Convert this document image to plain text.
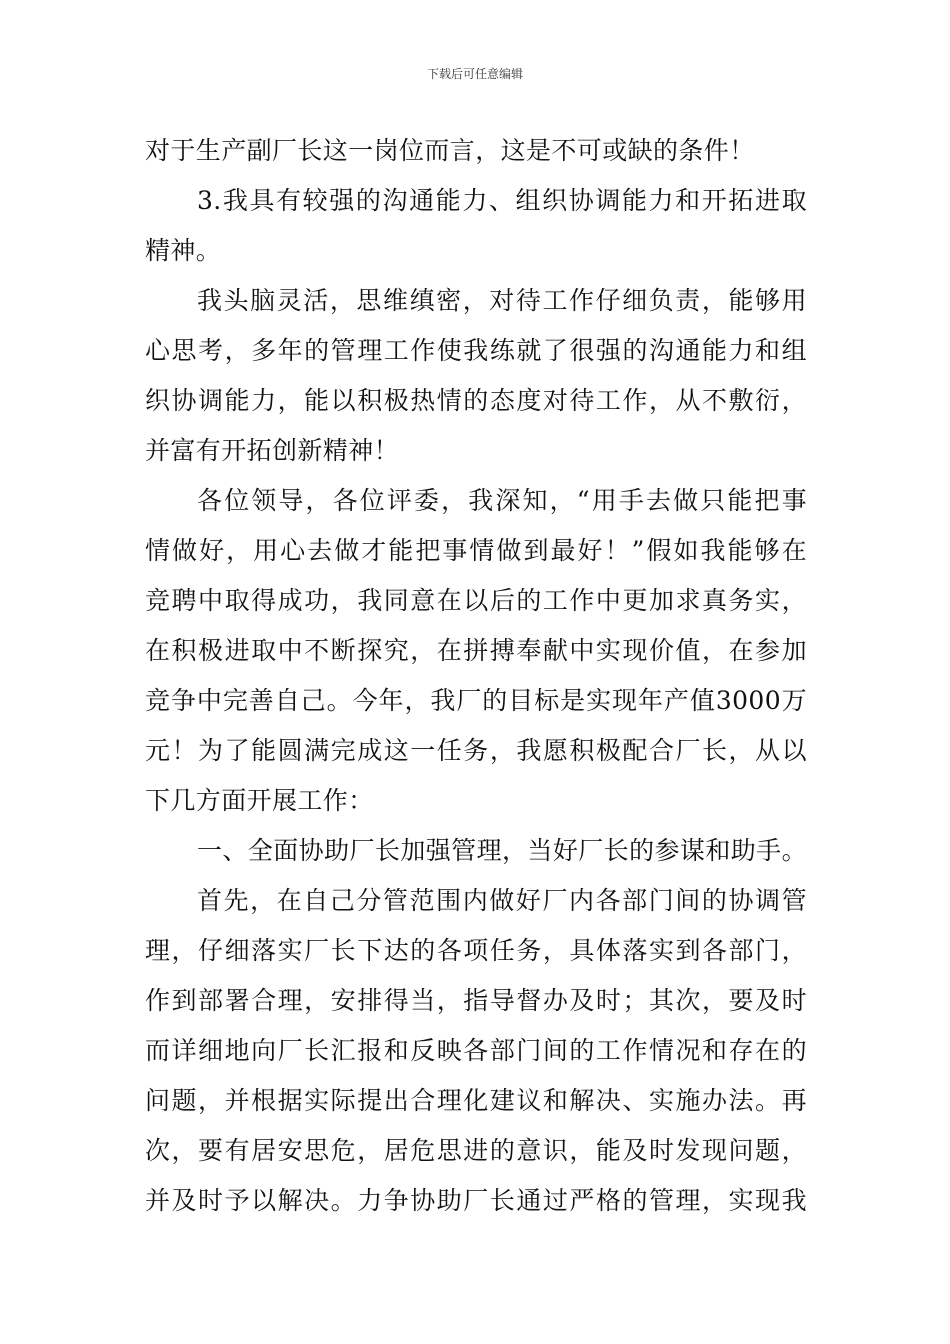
下载后可任意编辑
对于生产副厂长这一岗位而言，这是不可或缺的条件！
3.我具有较强的沟通能力、组织协调能力和开拓进取
精神。
我头脑灵活，思维缜密，对待工作仔细负责，能够用
心思考，多年的管理工作使我练就了很强的沟通能力和组
织协调能力，能以积极热情的态度对待工作，从不敷衍，
并富有开拓创新精神！
各位领导，各位评委，我深知，“用手去做只能把事
情做好，用心去做才能把事情做到最好！”假如我能够在
竞聘中取得成功，我同意在以后的工作中更加求真务实，
在积极进取中不断探究，在拼搏奉献中实现价值，在参加
竞争中完善自己。今年，我厂的目标是实现年产值3000万
元！为了能圆满完成这一任务，我愿积极配合厂长，从以
下几方面开展工作：
一、全面协助厂长加强管理，当好厂长的参谋和助手。
首先，在自己分管范围内做好厂内各部门间的协调管
理，仔细落实厂长下达的各项任务，具体落实到各部门，
作到部署合理，安排得当，指导督办及时；其次，要及时
而详细地向厂长汇报和反映各部门间的工作情况和存在的
问题，并根据实际提出合理化建议和解决、实施办法。再
次，要有居安思危，居危思进的意识，能及时发现问题，
并及时予以解决。力争协助厂长通过严格的管理，实现我
